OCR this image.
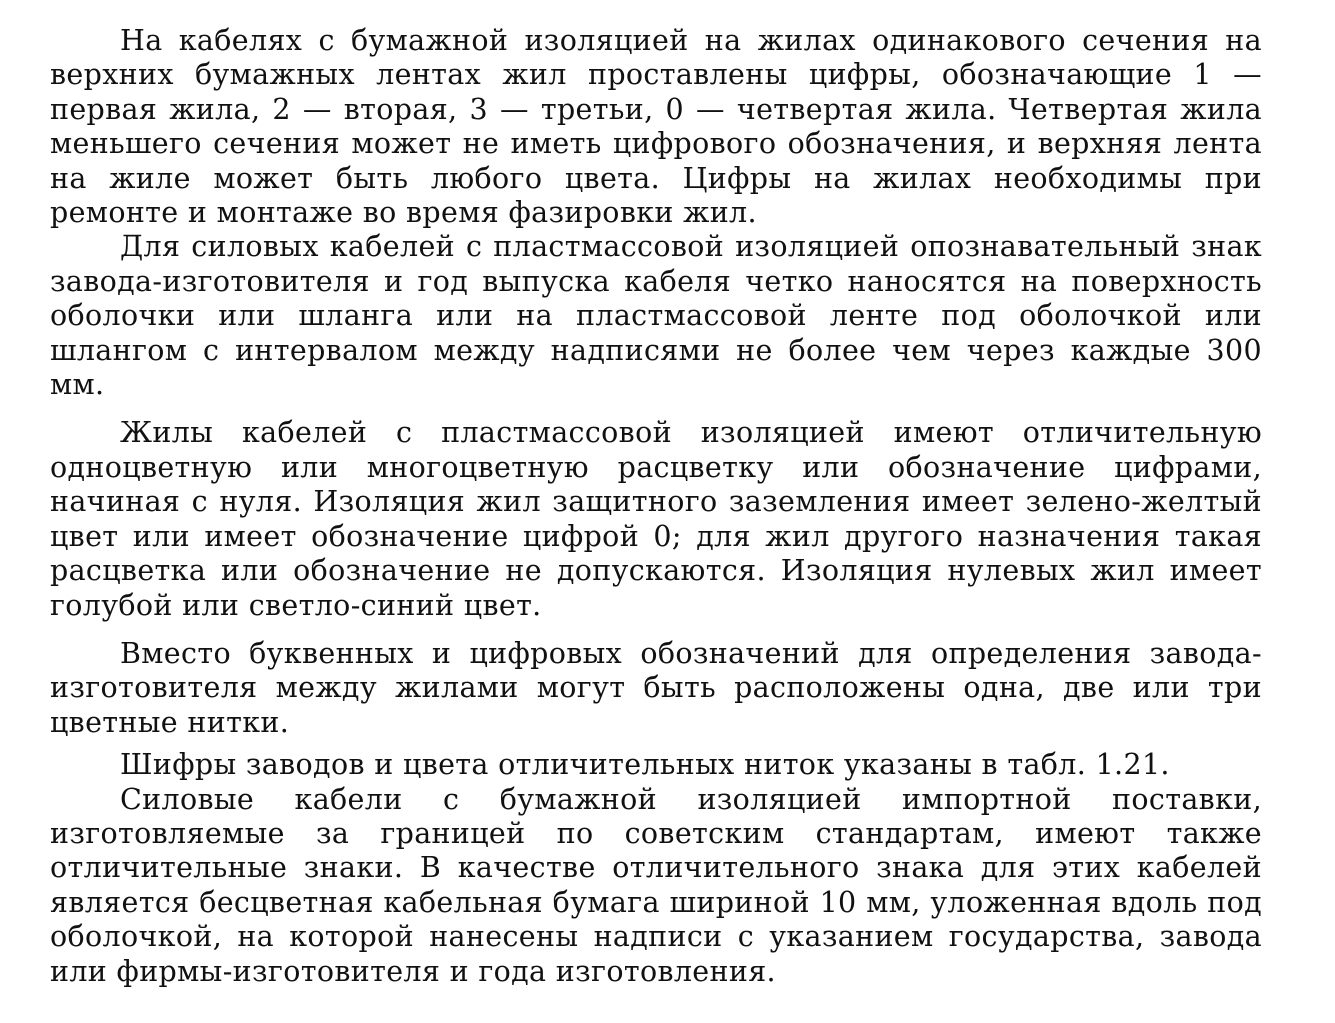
На кабелях с бумажной изоляцией на жилах одинакового сечения на верхних бумажных лентах жил проставлены цифры, обозначающие 1 — первая жила, 2 — вторая, 3 — третьи, 0 — четвертая жила. Четвертая жила меньшего сечения может не иметь цифрового обозначения, и верхняя лента на жиле может быть любого цвета. Цифры на жилах необходимы при ремонте и монтаже во время фазировки жил.

Для силовых кабелей с пластмассовой изоляцией опознавательный знак завода-изготовителя и год выпуска кабеля четко наносятся на поверхность оболочки или шланга или на пластмассовой ленте под оболочкой или шлангом с интервалом между надписями не более чем через каждые 300 мм.

Жилы кабелей с пластмассовой изоляцией имеют отличительную одноцветную или многоцветную расцветку или обозначение цифрами, начиная с нуля. Изоляция жил защитного заземления имеет зелено-желтый цвет или имеет обозначение цифрой 0; для жил другого назначения такая расцветка или обозначение не допускаются. Изоляция нулевых жил имеет голубой или светло-синий цвет.

Вместо буквенных и цифровых обозначений для определения завода-изготовителя между жилами могут быть расположены одна, две или три цветные нитки.

Шифры заводов и цвета отличительных ниток указаны в табл. 1.21.

Силовые кабели с бумажной изоляцией импортной поставки, изготовляемые за границей по советским стандартам, имеют также отличительные знаки. В качестве отличительного знака для этих кабелей является бесцветная кабельная бумага шириной 10 мм, уложенная вдоль под оболочкой, на которой нанесены надписи с указанием государства, завода или фирмы-изготовителя и года изготовления.
